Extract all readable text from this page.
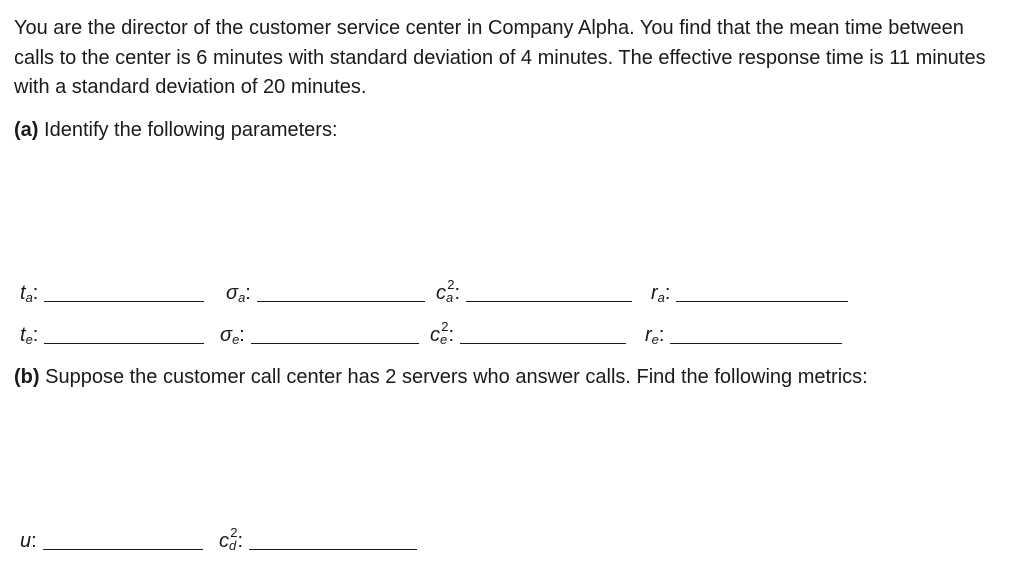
You are the director of the customer service center in Company Alpha. You find that the mean time between calls to the center is 6 minutes with standard deviation of 4 minutes. The effective response time is 11 minutes with a standard deviation of 20 minutes.

(a) Identify the following parameters:

ta:	σa:	$ca^2$:	ra:
te:	σe:	$ce^2$:	re:

(b) Suppose the customer call center has 2 servers who answer calls. Find the following metrics:

u:	$cd^2$:
